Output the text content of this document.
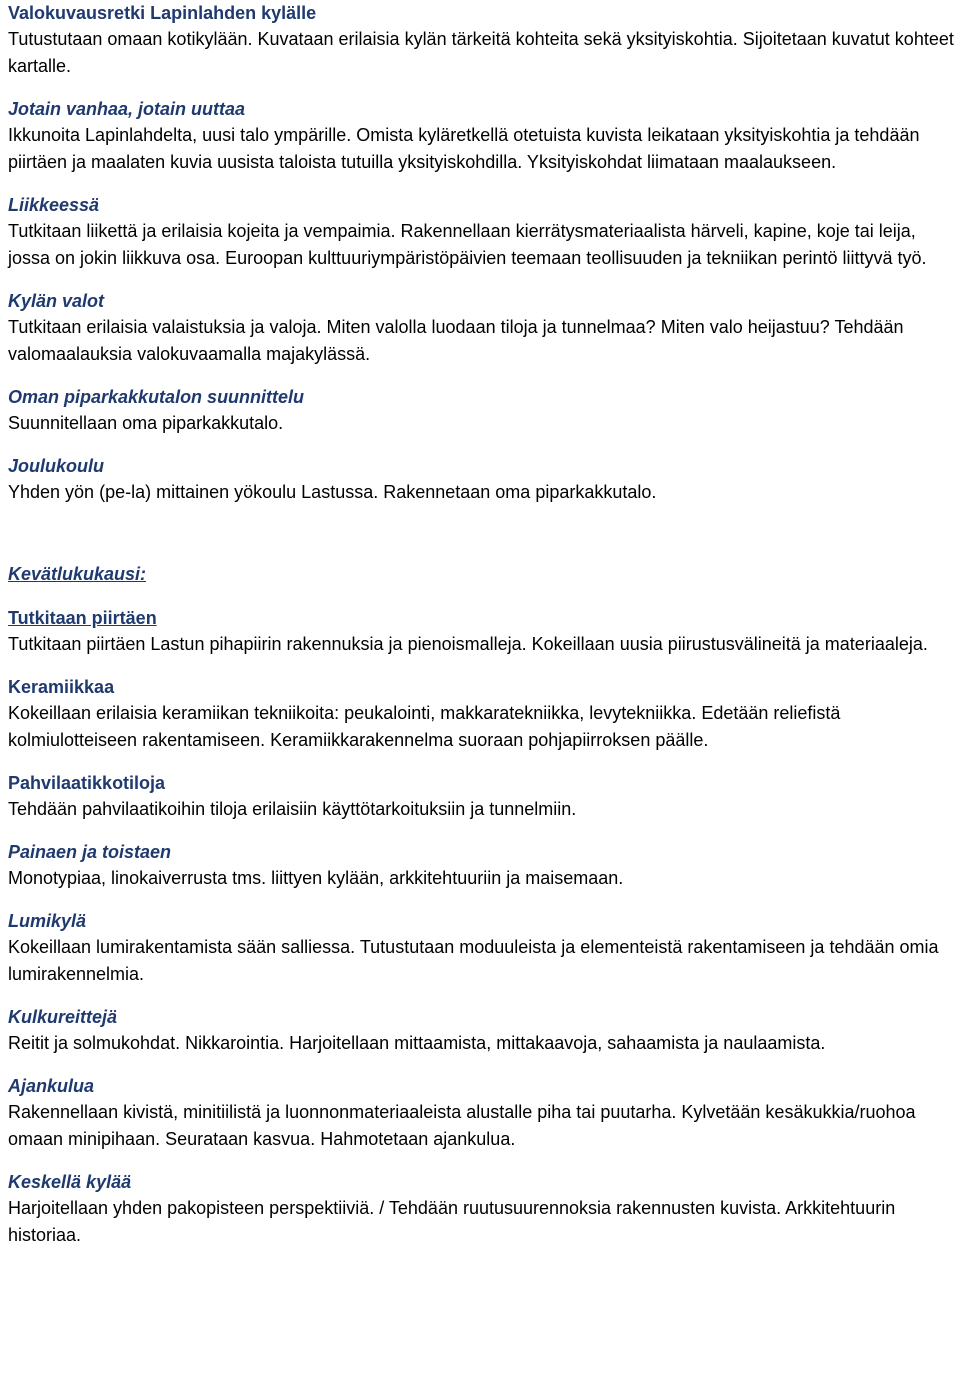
Valokuvausretki Lapinlahden kylälle
Tutustutaan omaan kotikylään. Kuvataan erilaisia kylän tärkeitä kohteita sekä yksityiskohtia. Sijoitetaan kuvatut kohteet kartalle.
Jotain vanhaa, jotain uuttaa
Ikkunoita Lapinlahdelta, uusi talo ympärille. Omista kyläretkellä otetuista kuvista leikataan yksityiskohtia ja tehdään piirtäen ja maalaten kuvia uusista taloista tutuilla yksityiskohdilla. Yksityiskohdat liimataan maalaukseen.
Liikkeessä
Tutkitaan liikettä ja erilaisia kojeita ja vempaimia. Rakennellaan kierrätysmateriaalista härveli, kapine, koje tai leija, jossa on jokin liikkuva osa. Euroopan kulttuuriympäristöpäivien teemaan teollisuuden ja tekniikan perintö liittyvä työ.
Kylän valot
Tutkitaan erilaisia valaistuksia ja valoja. Miten valolla luodaan tiloja ja tunnelmaa? Miten valo heijastuu? Tehdään valomaalauksia valokuvaamalla majakylässä.
Oman piparkakkutalon suunnittelu
Suunnitellaan oma piparkakkutalo.
Joulukoulu
Yhden yön (pe-la) mittainen yökoulu Lastussa. Rakennetaan oma piparkakkutalo.
Kevätlukukausi:
Tutkitaan piirtäen
Tutkitaan piirtäen Lastun pihapiirin rakennuksia ja pienoismalleja. Kokeillaan uusia piirustusvälineitä ja materiaaleja.
Keramiikkaa
Kokeillaan erilaisia keramiikan tekniikoita: peukalointi, makkaratekniikka, levytekniikka. Edetään reliefistä kolmiulotteiseen rakentamiseen. Keramiikkarakennelma suoraan pohjapiirroksen päälle.
Pahvilaatikkotiloja
Tehdään pahvilaatikoihin tiloja erilaisiin käyttötarkoituksiin ja tunnelmiin.
Painaen ja toistaen
Monotypiaa, linokaiverrusta tms. liittyen kylään, arkkitehtuuriin ja maisemaan.
Lumikylä
Kokeillaan lumirakentamista sään salliessa. Tutustutaan moduuleista ja elementeistä rakentamiseen ja tehdään omia lumirakennelmia.
Kulkureittejä
Reitit ja solmukohdat. Nikkarointia. Harjoitellaan mittaamista, mittakaavoja, sahaamista ja naulaamista.
Ajankulua
Rakennellaan kivistä, minitiilistä ja luonnonmateriaaleista alustalle piha tai puutarha. Kylvetään kesäkukkia/ruohoa omaan minipihaan. Seurataan kasvua. Hahmotetaan ajankulua.
Keskellä kylää
Harjoitellaan yhden pakopisteen perspektiiviä. / Tehdään ruutusuurennoksia rakennusten kuvista. Arkkitehtuurin historiaa.
